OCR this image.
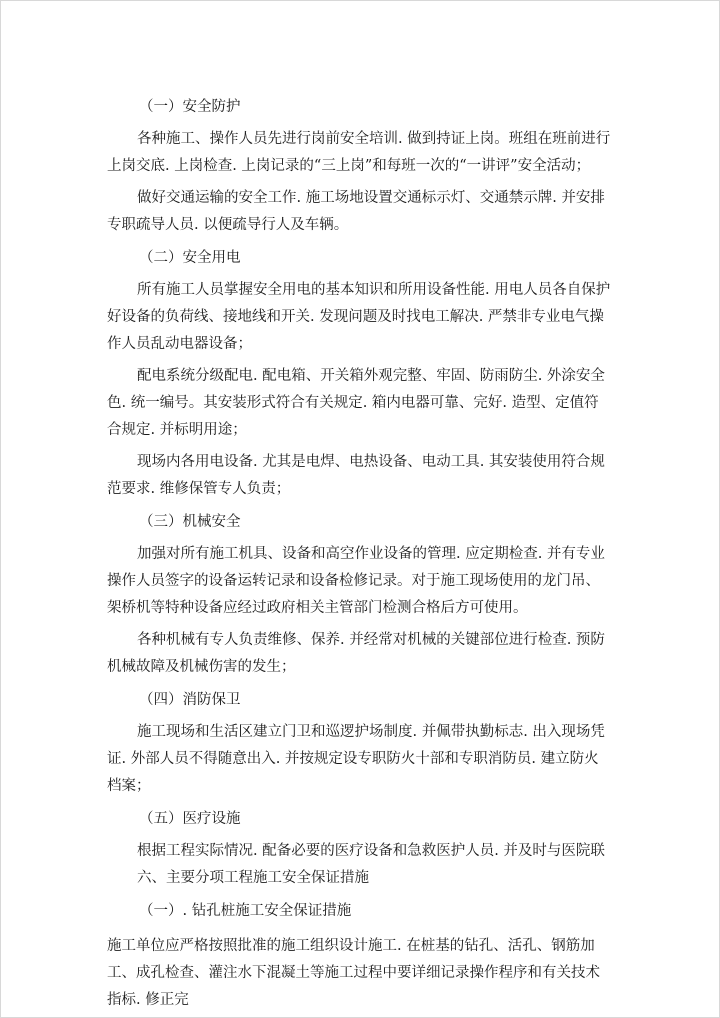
（一）安全防护

各种施工、操作人员先进行岗前安全培训. 做到持证上岗。班组在班前进行上岗交底. 上岗检查. 上岗记录的“三上岗”和每班一次的“一讲评”安全活动；

做好交通运输的安全工作. 施工场地设置交通标示灯、交通禁示牌. 并安排专职疏导人员. 以便疏导行人及车辆。

（二）安全用电

所有施工人员掌握安全用电的基本知识和所用设备性能. 用电人员各自保护好设备的负荷线、接地线和开关. 发现问题及时找电工解决. 严禁非专业电气操作人员乱动电器设备；

配电系统分级配电. 配电箱、开关箱外观完整、牢固、防雨防尘. 外涂安全色. 统一编号。其安装形式符合有关规定. 箱内电器可靠、完好. 造型、定值符合规定. 并标明用途；

现场内各用电设备. 尤其是电焊、电热设备、电动工具. 其安装使用符合规范要求. 维修保管专人负责；

（三）机械安全

加强对所有施工机具、设备和高空作业设备的管理. 应定期检查. 并有专业操作人员签字的设备运转记录和设备检修记录。对于施工现场使用的龙门吊、架桥机等特种设备应经过政府相关主管部门检测合格后方可使用。

各种机械有专人负责维修、保养. 并经常对机械的关键部位进行检查. 预防机械故障及机械伤害的发生；

（四）消防保卫

施工现场和生活区建立门卫和巡逻护场制度. 并佩带执勤标志. 出入现场凭证. 外部人员不得随意出入. 并按规定设专职防火十部和专职消防员. 建立防火档案；

（五）医疗设施

根据工程实际情况. 配备必要的医疗设备和急救医护人员. 并及时与医院联

六、主要分项工程施工安全保证措施

（一）. 钻孔桩施工安全保证措施

施工单位应严格按照批准的施工组织设计施工. 在桩基的钻孔、活孔、钢筋加工、成孔检查、灌注水下混凝土等施工过程中要详细记录操作程序和有关技术指标. 修正完
